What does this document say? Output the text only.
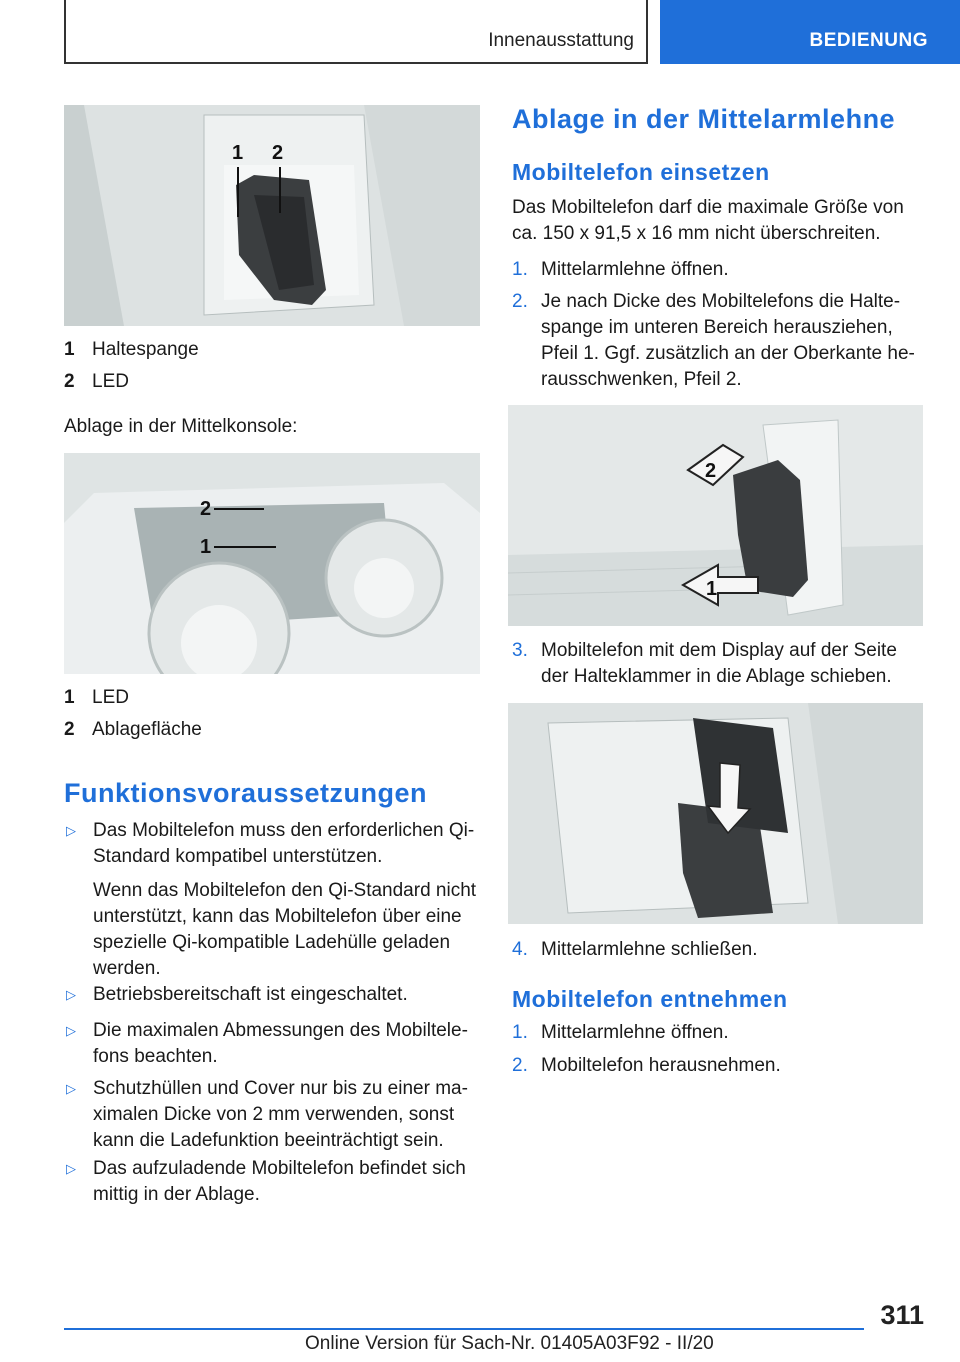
Innenausstattung	BEDIENUNG
1 2
1 Haltespange
2 LED
Ablage in der Mittelkonsole:
2
1
1 LED
2 Ablagefläche
Funktionsvoraussetzungen
▷ Das Mobiltelefon muss den erforderlichen Qi-Standard kompatibel unterstützen.
Wenn das Mobiltelefon den Qi-Standard nicht unterstützt, kann das Mobiltelefon über eine spezielle Qi-kompatible Ladehülle geladen werden.
▷ Betriebsbereitschaft ist eingeschaltet.
▷ Die maximalen Abmessungen des Mobiltelefons beachten.
▷ Schutzhüllen und Cover nur bis zu einer maximalen Dicke von 2 mm verwenden, sonst kann die Ladefunktion beeinträchtigt sein.
▷ Das aufzuladende Mobiltelefon befindet sich mittig in der Ablage.
Ablage in der Mittelarmlehne
Mobiltelefon einsetzen
Das Mobiltelefon darf die maximale Größe von ca. 150 x 91,5 x 16 mm nicht überschreiten.
1. Mittelarmlehne öffnen.
2. Je nach Dicke des Mobiltelefons die Haltespange im unteren Bereich herausziehen, Pfeil 1. Ggf. zusätzlich an der Oberkante herausschwenken, Pfeil 2.
2
1
3. Mobiltelefon mit dem Display auf der Seite der Halteklammer in die Ablage schieben.
4. Mittelarmlehne schließen.
Mobiltelefon entnehmen
1. Mittelarmlehne öffnen.
2. Mobiltelefon herausnehmen.
311
Online Version für Sach-Nr. 01405A03F92 - II/20
